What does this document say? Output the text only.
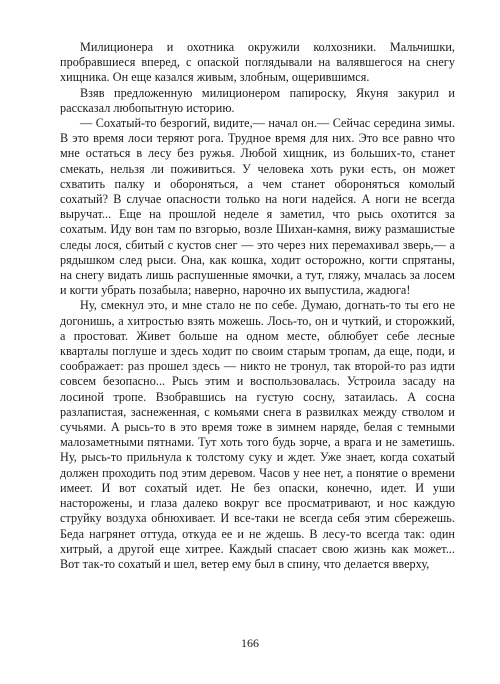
Милиционера и охотника окружили колхозники. Мальчишки, пробравшиеся вперед, с опаской поглядывали на валявшегося на снегу хищника. Он еще казался живым, злобным, ощерившимся.

Взяв предложенную милиционером папироску, Якуня закурил и рассказал любопытную историю.

— Сохатый-то безрогий, видите,— начал он.— Сейчас середина зимы. В это время лоси теряют рога. Трудное время для них. Это все равно что мне остаться в лесу без ружья. Любой хищник, из больших-то, станет смекать, нельзя ли поживиться. У человека хоть руки есть, он может схватить палку и обороняться, а чем станет обороняться комолый сохатый? В случае опасности только на ноги надейся. А ноги не всегда выручат... Еще на прошлой неделе я заметил, что рысь охотится за сохатым. Иду вон там по взгорью, возле Шихан-камня, вижу размашистые следы лося, сбитый с кустов снег — это через них перемахивал зверь,— а рядышком след рыси. Она, как кошка, ходит осторожно, когти спрятаны, на снегу видать лишь распушенные ямочки, а тут, гляжу, мчалась за лосем и когти убрать позабыла; наверно, нарочно их выпустила, жадюга!

Ну, смекнул это, и мне стало не по себе. Думаю, догнать-то ты его не догонишь, а хитростью взять можешь. Лось-то, он и чуткий, и сторожкий, а простоват. Живет больше на одном месте, облюбует себе лесные кварталы поглуше и здесь ходит по своим старым тропам, да еще, поди, и соображает: раз прошел здесь — никто не тронул, так второй-то раз идти совсем безопасно... Рысь этим и воспользовалась. Устроила засаду на лосиной тропе. Взобравшись на густую сосну, затаилась. А сосна разлапистая, заснеженная, с комьями снега в развилках между стволом и сучьями. А рысь-то в это время тоже в зимнем наряде, белая с темными малозаметными пятнами. Тут хоть того будь зорче, а врага и не заметишь. Ну, рысь-то прильнула к толстому суку и ждет. Уже знает, когда сохатый должен проходить под этим деревом. Часов у нее нет, а понятие о времени имеет. И вот сохатый идет. Не без опаски, конечно, идет. И уши насторожены, и глаза далеко вокруг все просматривают, и нос каждую струйку воздуха обнюхивает. И все-таки не всегда себя этим сбережешь. Беда нагрянет оттуда, откуда ее и не ждешь. В лесу-то всегда так: один хитрый, а другой еще хитрее. Каждый спасает свою жизнь как может... Вот так-то сохатый и шел, ветер ему был в спину, что делается вверху,

166
